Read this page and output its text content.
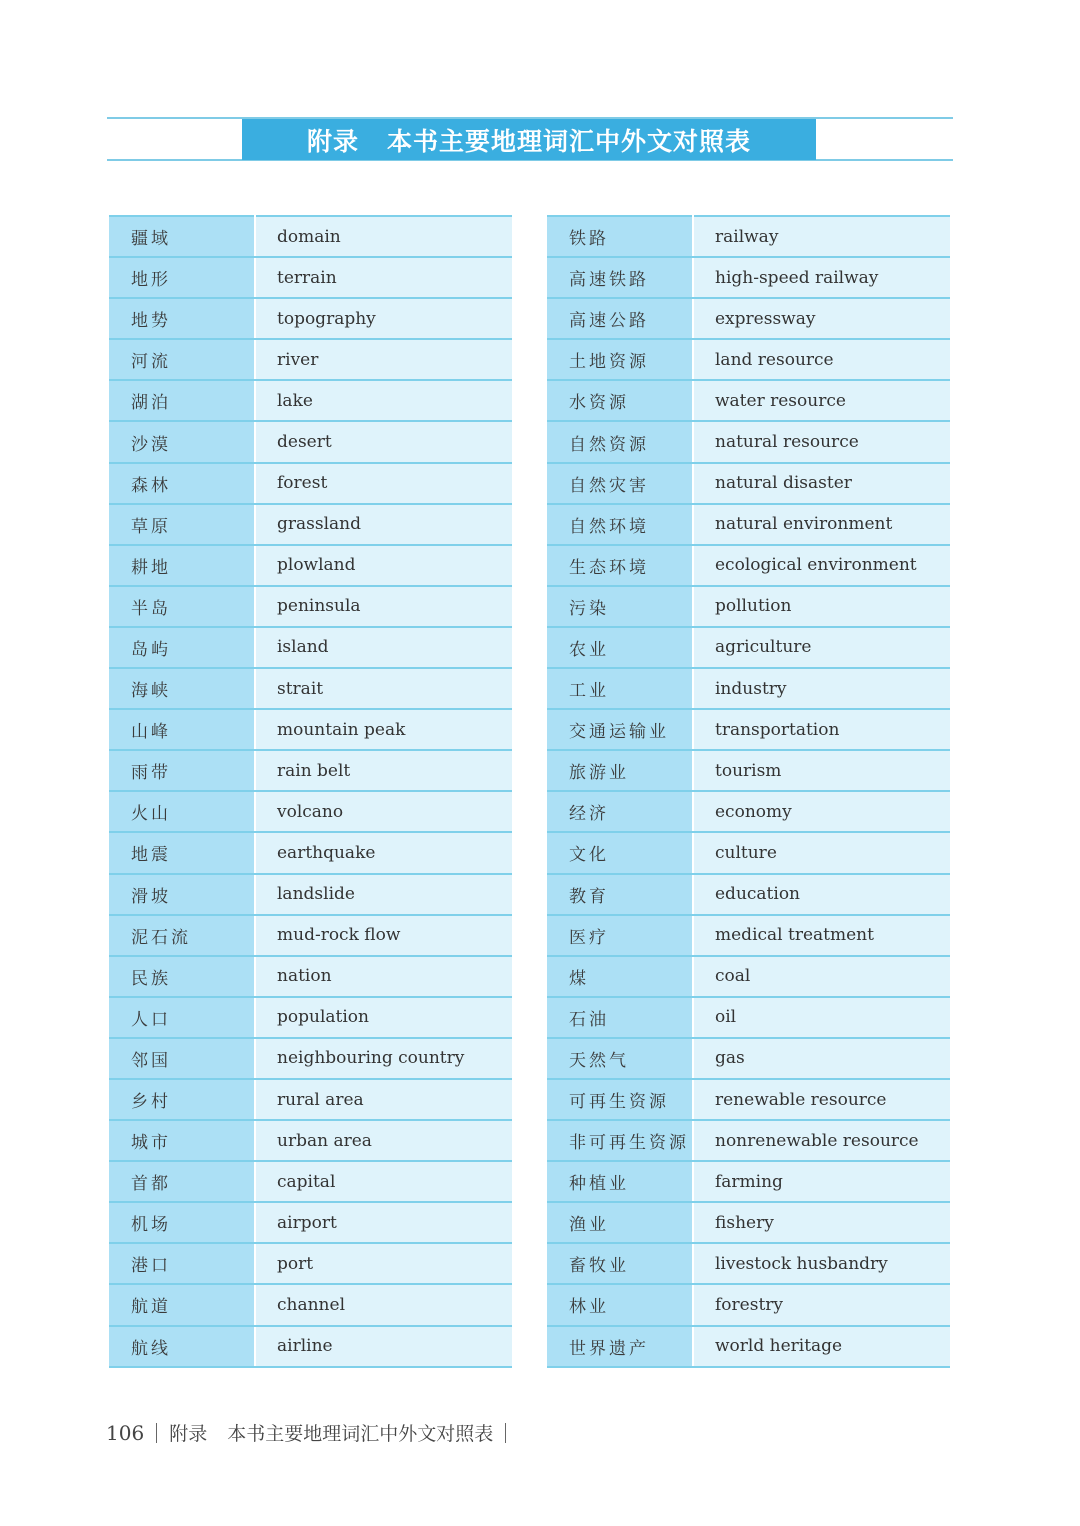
附录 本书主要地理词汇中外文对照表
疆域	domain
地形	terrain
地势	topography
河流	river
湖泊	lake
沙漠	desert
森林	forest
草原	grassland
耕地	plowland
半岛	peninsula
岛屿	island
海峡	strait
山峰	mountain peak
雨带	rain belt
火山	volcano
地震	earthquake
滑坡	landslide
泥石流	mud-rock flow
民族	nation
人口	population
邻国	neighbouring country
乡村	rural area
城市	urban area
首都	capital
机场	airport
港口	port
航道	channel
航线	airline
铁路	railway
高速铁路	high-speed railway
高速公路	expressway
土地资源	land resource
水资源	water resource
自然资源	natural resource
自然灾害	natural disaster
自然环境	natural environment
生态环境	ecological environment
污染	pollution
农业	agriculture
工业	industry
交通运输业	transportation
旅游业	tourism
经济	economy
文化	culture
教育	education
医疗	medical treatment
煤	coal
石油	oil
天然气	gas
可再生资源	renewable resource
非可再生资源	nonrenewable resource
种植业	farming
渔业	fishery
畜牧业	livestock husbandry
林业	forestry
世界遗产	world heritage
106 附录 本书主要地理词汇中外文对照表
